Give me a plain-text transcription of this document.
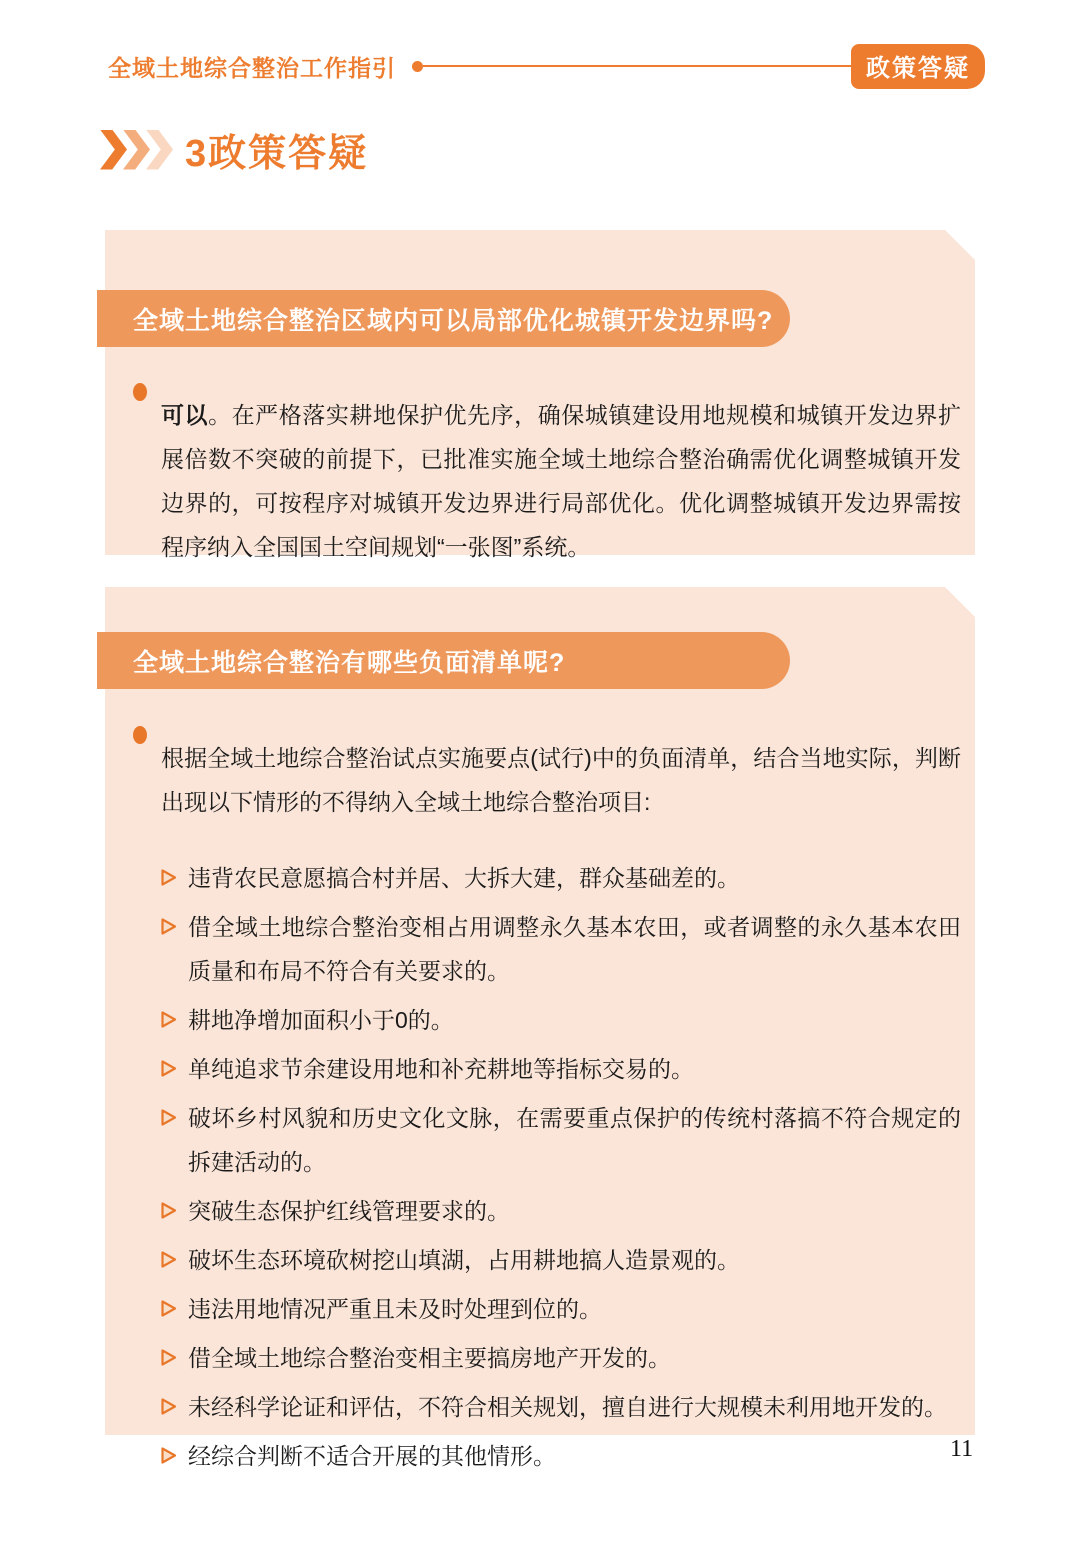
全域土地综合整治工作指引	政策答疑
3政策答疑
全域土地综合整治区域内可以局部优化城镇开发边界吗?

可以。在严格落实耕地保护优先序，确保城镇建设用地规模和城镇开发边界扩展倍数不突破的前提下，已批准实施全域土地综合整治确需优化调整城镇开发边界的，可按程序对城镇开发边界进行局部优化。优化调整城镇开发边界需按程序纳入全国国土空间规划“一张图”系统。

全域土地综合整治有哪些负面清单呢?

根据全域土地综合整治试点实施要点(试行)中的负面清单，结合当地实际，判断出现以下情形的不得纳入全域土地综合整治项目:

违背农民意愿搞合村并居、大拆大建，群众基础差的。
借全域土地综合整治变相占用调整永久基本农田，或者调整的永久基本农田质量和布局不符合有关要求的。
耕地净增加面积小于0的。
单纯追求节余建设用地和补充耕地等指标交易的。
破坏乡村风貌和历史文化文脉，在需要重点保护的传统村落搞不符合规定的拆建活动的。
突破生态保护红线管理要求的。
破坏生态环境砍树挖山填湖，占用耕地搞人造景观的。
违法用地情况严重且未及时处理到位的。
借全域土地综合整治变相主要搞房地产开发的。
未经科学论证和评估，不符合相关规划，擅自进行大规模未利用地开发的。
经综合判断不适合开展的其他情形。	11
